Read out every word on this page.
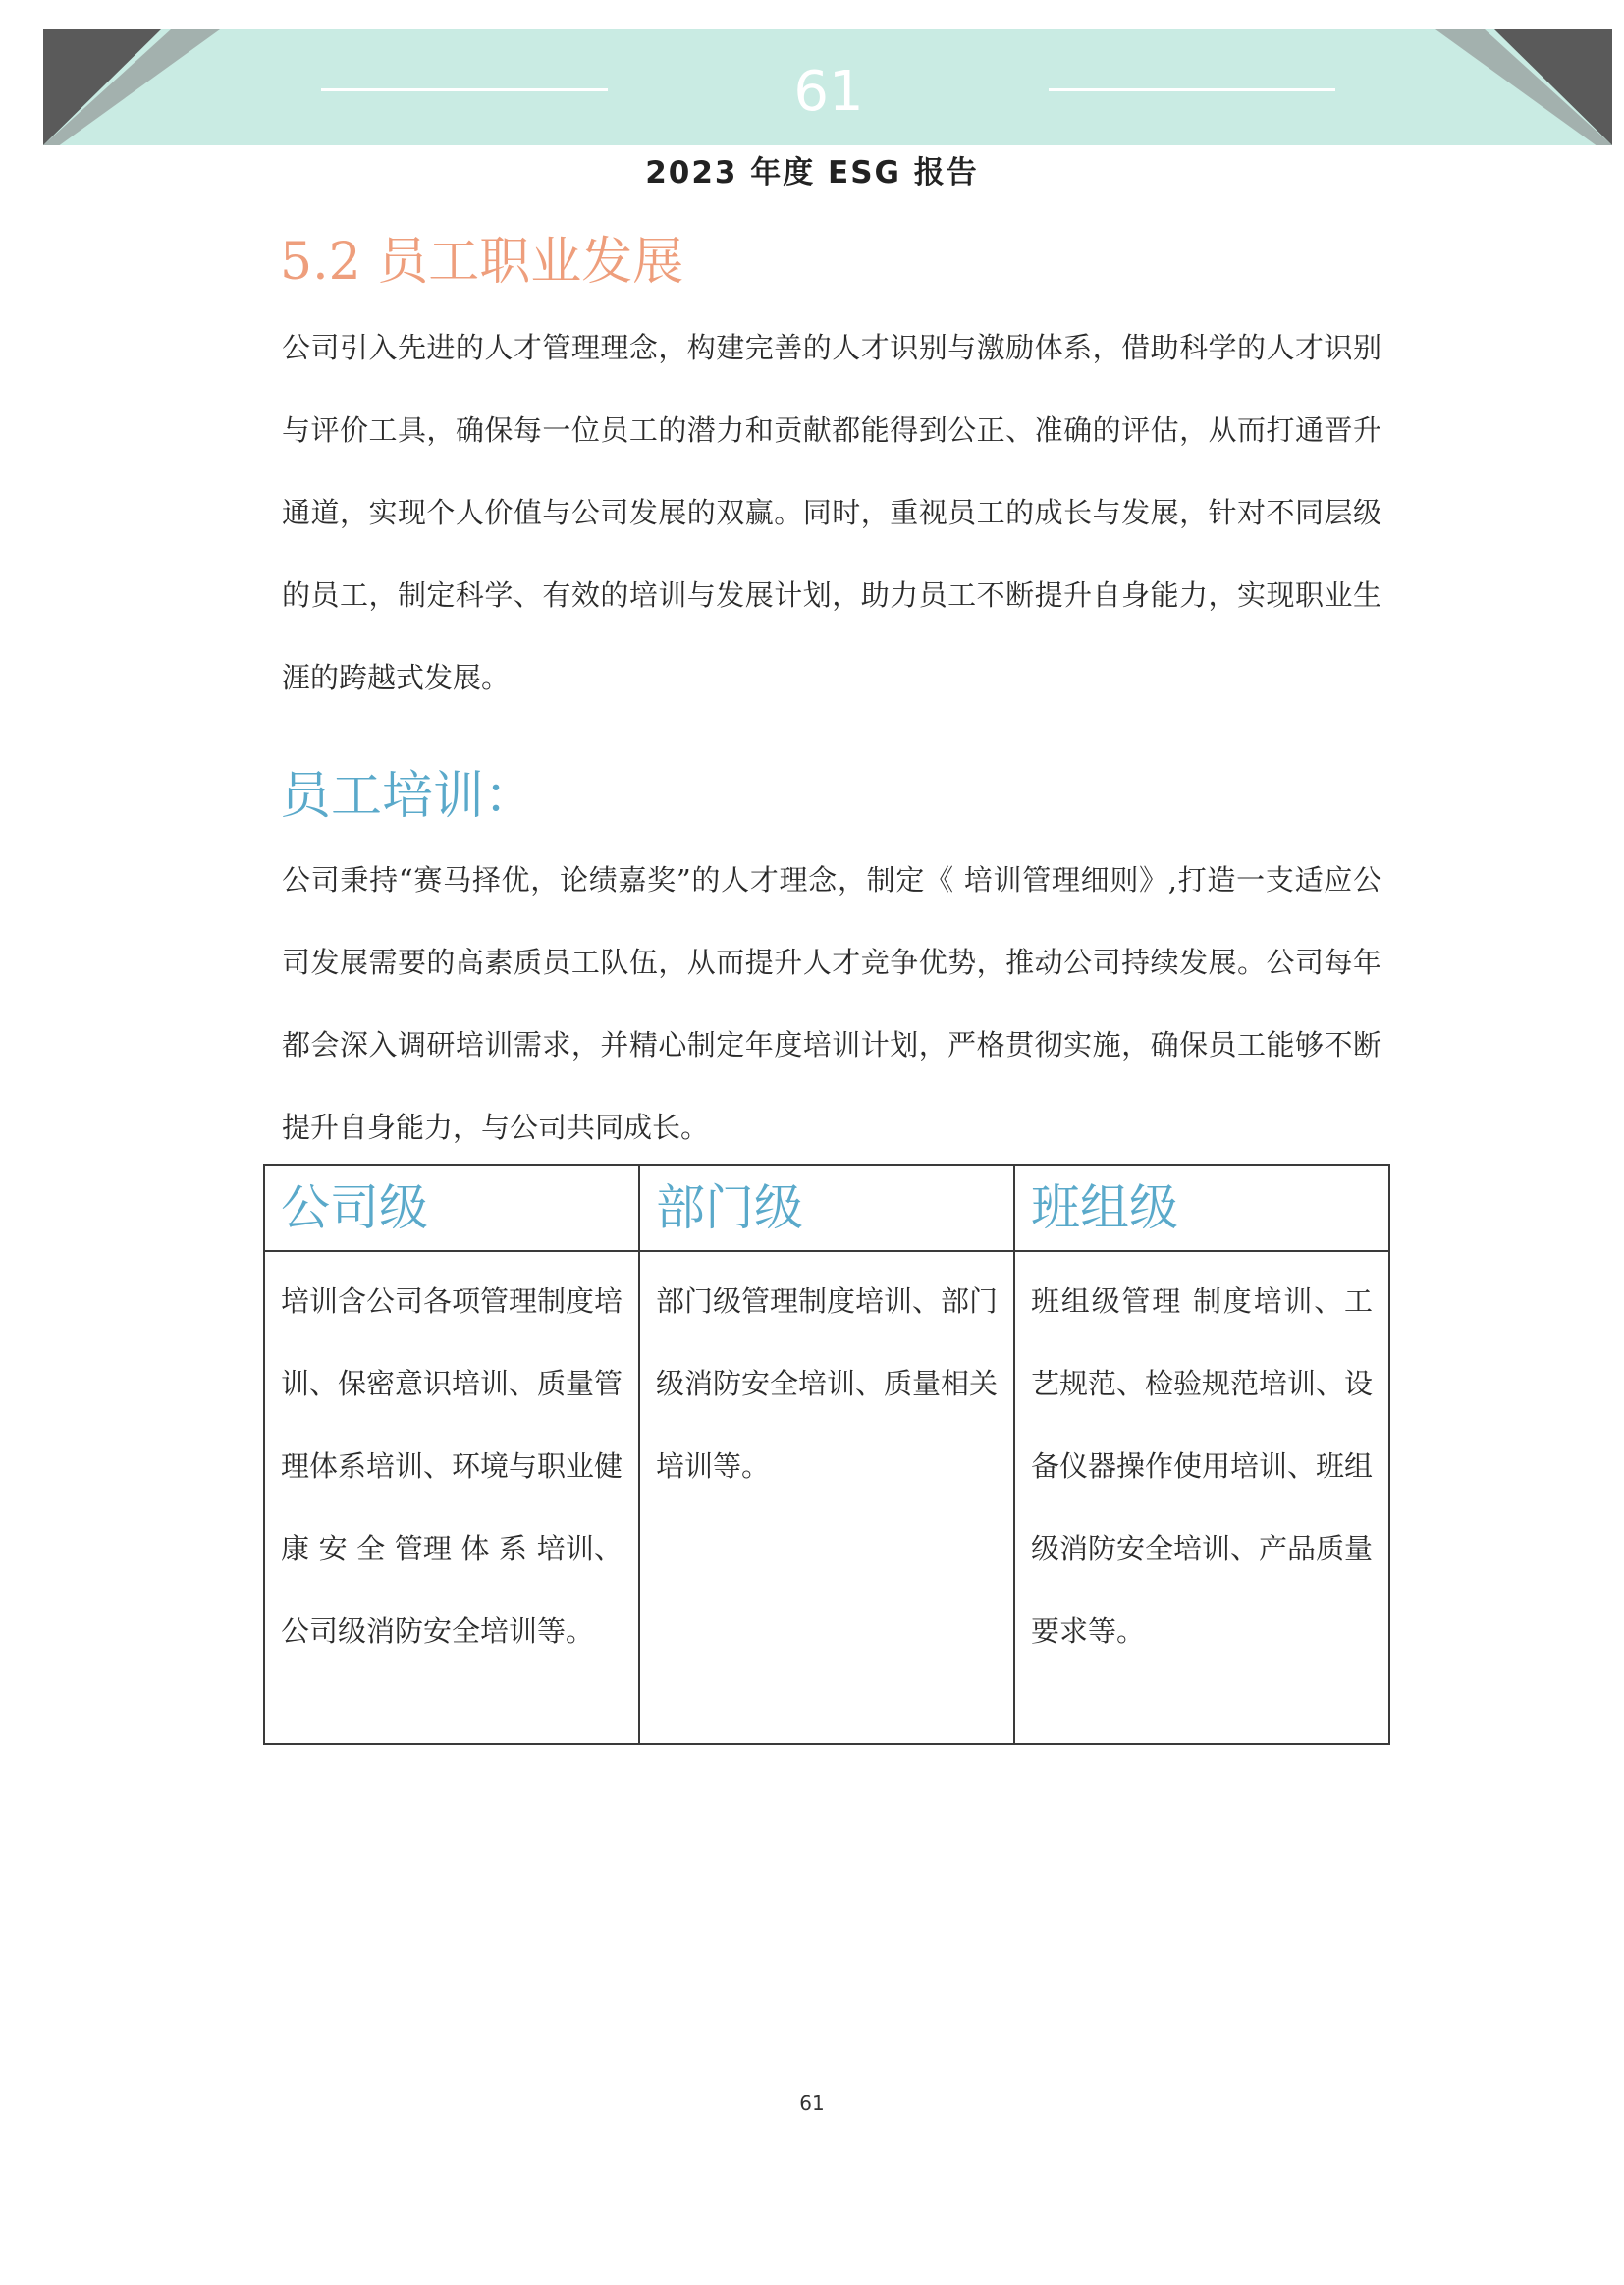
61
2023 年度 ESG 报告
5.2 员工职业发展
公司引入先进的人才管理理念，构建完善的人才识别与激励体系，借助科学的人才识别与评价工具，确保每一位员工的潜力和贡献都能得到公正、准确的评估，从而打通晋升通道，实现个人价值与公司发展的双赢。同时，重视员工的成长与发展，针对不同层级的员工，制定科学、有效的培训与发展计划，助力员工不断提升自身能力，实现职业生涯的跨越式发展。
员工培训：
公司秉持“赛马择优，论绩嘉奖”的人才理念，制定《 培训管理细则》,打造一支适应公司发展需要的高素质员工队伍，从而提升人才竞争优势，推动公司持续发展。公司每年都会深入调研培训需求，并精心制定年度培训计划，严格贯彻实施，确保员工能够不断提升自身能力，与公司共同成长。
公司级	部门级	班组级
培训含公司各项管理制度培训、保密意识培训、质量管理体系培训、环境与职业健康 安 全 管理 体 系 培训、公司级消防安全培训等。	部门级管理制度培训、部门级消防安全培训、质量相关培训等。	班组级管理 制度培训、工艺规范、检验规范培训、设备仪器操作使用培训、班组级消防安全培训、产品质量要求等。
61
